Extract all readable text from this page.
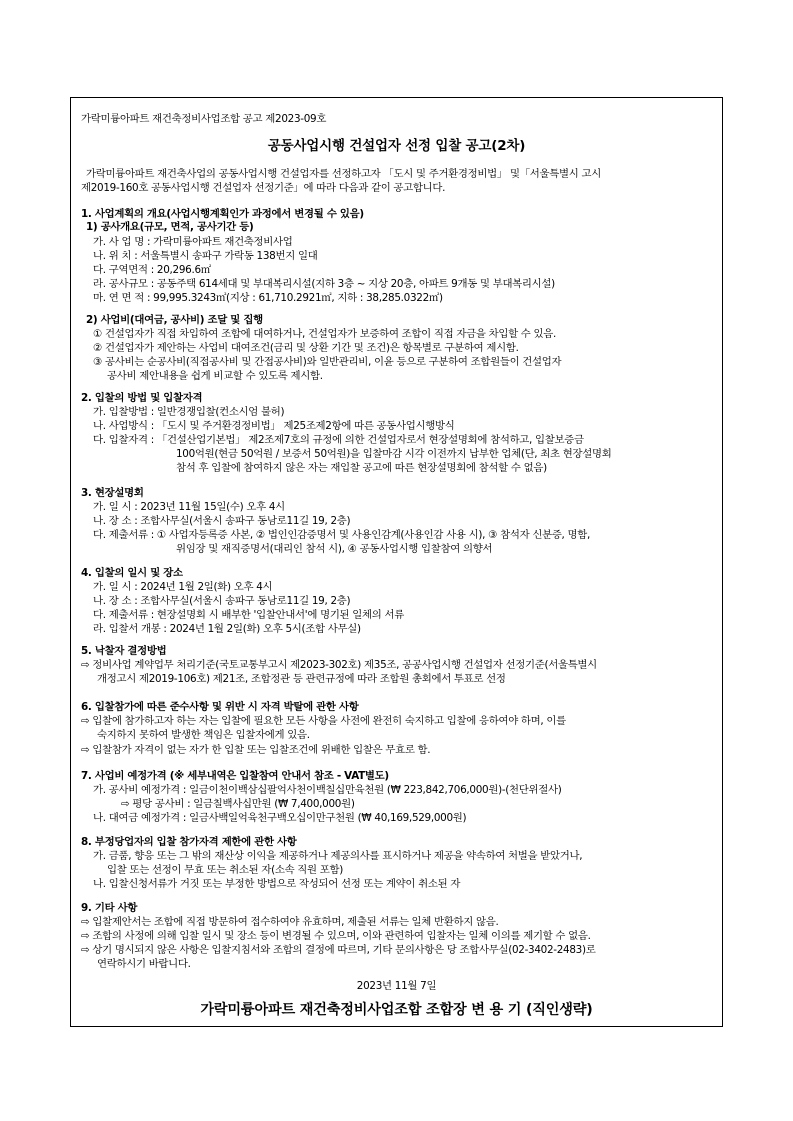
가락미륭아파트 재건축정비사업조합 공고 제2023-09호
공동사업시행 건설업자 선정 입찰 공고(2차)
가락미륭아파트 재건축사업의 공동사업시행 건설업자를 선정하고자 「도시 및 주거환경정비법」 및「서울특별시 고시
제2019-160호 공동사업시행 건설업자 선정기준」에 따라 다음과 같이 공고합니다.
1. 사업계획의 개요(사업시행계획인가 과정에서 변경될 수 있음)
1) 공사개요(규모, 면적, 공사기간 등)
가. 사 업 명 : 가락미륭아파트 재건축정비사업
나. 위 치 : 서울특별시 송파구 가락동 138번지 일대
다. 구역면적 : 20,296.6㎡
라. 공사규모 : 공동주택 614세대 및 부대복리시설(지하 3층 ~ 지상 20층, 아파트 9개동 및 부대복리시설)
마. 연 면 적 : 99,995.3243㎡(지상 : 61,710.2921㎡, 지하 : 38,285.0322㎡)
2) 사업비(대여금, 공사비) 조달 및 집행
① 건설업자가 직접 차입하여 조합에 대여하거나, 건설업자가 보증하여 조합이 직접 자금을 차입할 수 있음.
② 건설업자가 제안하는 사업비 대여조건(금리 및 상환 기간 및 조건)은 항목별로 구분하여 제시함.
③ 공사비는 순공사비(직접공사비 및 간접공사비)와 일반관리비, 이윤 등으로 구분하여 조합원들이 건설업자
공사비 제안내용을 쉽게 비교할 수 있도록 제시함.
2. 입찰의 방법 및 입찰자격
가. 입찰방법 : 일반경쟁입찰(컨소시엄 불허)
나. 사업방식 : 「도시 및 주거환경정비법」 제25조제2항에 따른 공동사업시행방식
다. 입찰자격 : 「건설산업기본법」 제2조제7호의 규정에 의한 건설업자로서 현장설명회에 참석하고, 입찰보증금
100억원(현금 50억원 / 보증서 50억원)을 입찰마감 시각 이전까지 납부한 업체(단, 최초 현장설명회
참석 후 입찰에 참여하지 않은 자는 재입찰 공고에 따른 현장설명회에 참석할 수 없음)
3. 현장설명회
가. 일 시 : 2023년 11월 15일(수) 오후 4시
나. 장 소 : 조합사무실(서울시 송파구 동남로11길 19, 2층)
다. 제출서류 : ① 사업자등록증 사본, ② 법인인감증명서 및 사용인감계(사용인감 사용 시), ③ 참석자 신분증, 명함,
위임장 및 재직증명서(대리인 참석 시), ④ 공동사업시행 입찰참여 의향서
4. 입찰의 일시 및 장소
가. 일 시 : 2024년 1월 2일(화) 오후 4시
나. 장 소 : 조합사무실(서울시 송파구 동남로11길 19, 2층)
다. 제출서류 : 현장설명회 시 배부한 '입찰안내서'에 명기된 일체의 서류
라. 입찰서 개봉 : 2024년 1월 2일(화) 오후 5시(조합 사무실)
5. 낙찰자 결정방법
⇨ 정비사업 계약업무 처리기준(국토교통부고시 제2023-302호) 제35조, 공공사업시행 건설업자 선정기준(서울특별시
개정고시 제2019-106호) 제21조, 조합정관 등 관련규정에 따라 조합원 총회에서 투표로 선정
6. 입찰참가에 따른 준수사항 및 위반 시 자격 박탈에 관한 사항
⇨ 입찰에 참가하고자 하는 자는 입찰에 필요한 모든 사항을 사전에 완전히 숙지하고 입찰에 응하여야 하며, 이를
숙지하지 못하여 발생한 책임은 입찰자에게 있음.
⇨ 입찰참가 자격이 없는 자가 한 입찰 또는 입찰조건에 위배한 입찰은 무효로 함.
7. 사업비 예정가격 (※ 세부내역은 입찰참여 안내서 참조 - VAT별도)
가. 공사비 예정가격 : 일금이천이백삼십팔억사천이백칠십만육천원 (₩ 223,842,706,000원)-(천단위절사)
⇨ 평당 공사비 : 일금칠백사십만원 (₩ 7,400,000원)
나. 대여금 예정가격 : 일금사백일억육천구백오십이만구천원 (₩ 40,169,529,000원)
8. 부정당업자의 입찰 참가자격 제한에 관한 사항
가. 금품, 향응 또는 그 밖의 재산상 이익을 제공하거나 제공의사를 표시하거나 제공을 약속하여 처벌을 받았거나,
입찰 또는 선정이 무효 또는 취소된 자(소속 직원 포함)
나. 입찰신청서류가 거짓 또는 부정한 방법으로 작성되어 선정 또는 계약이 취소된 자
9. 기타 사항
⇨ 입찰제안서는 조합에 직접 방문하여 접수하여야 유효하며, 제출된 서류는 일체 반환하지 않음.
⇨ 조합의 사정에 의해 입찰 일시 및 장소 등이 변경될 수 있으며, 이와 관련하여 입찰자는 일체 이의를 제기할 수 없음.
⇨ 상기 명시되지 않은 사항은 입찰지침서와 조합의 결정에 따르며, 기타 문의사항은 당 조합사무실(02-3402-2483)로
연락하시기 바랍니다.
2023년 11월 7일
가락미륭아파트 재건축정비사업조합 조합장 변 용 기 (직인생략)
